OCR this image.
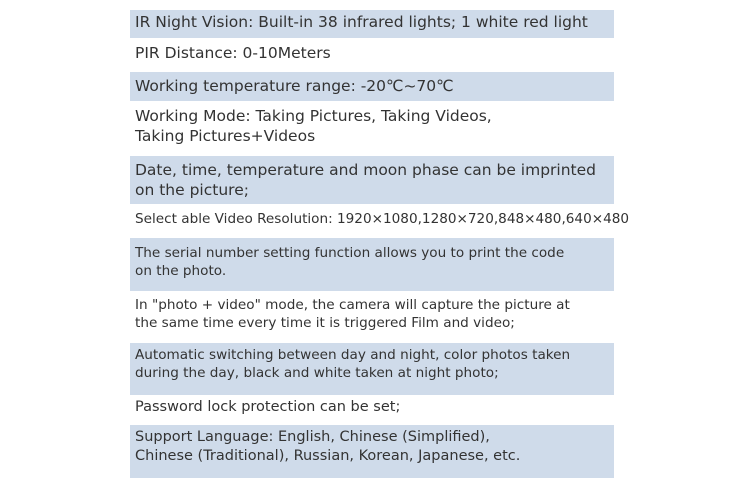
IR Night Vision: Built-in 38 infrared lights; 1 white red light
PIR Distance: 0-10Meters
Working temperature range: -20℃~70℃
Working Mode: Taking Pictures, Taking Videos,
Taking Pictures+Videos
Date, time, temperature and moon phase can be imprinted
on the picture;
Select able Video Resolution: 1920×1080,1280×720,848×480,640×480
The serial number setting function allows you to print the code
on the photo.
In "photo + video" mode, the camera will capture the picture at
the same time every time it is triggered Film and video;
Automatic switching between day and night, color photos taken
during the day, black and white taken at night photo;
Password lock protection can be set;
Support Language: English, Chinese (Simplified),
Chinese (Traditional), Russian, Korean, Japanese, etc.
